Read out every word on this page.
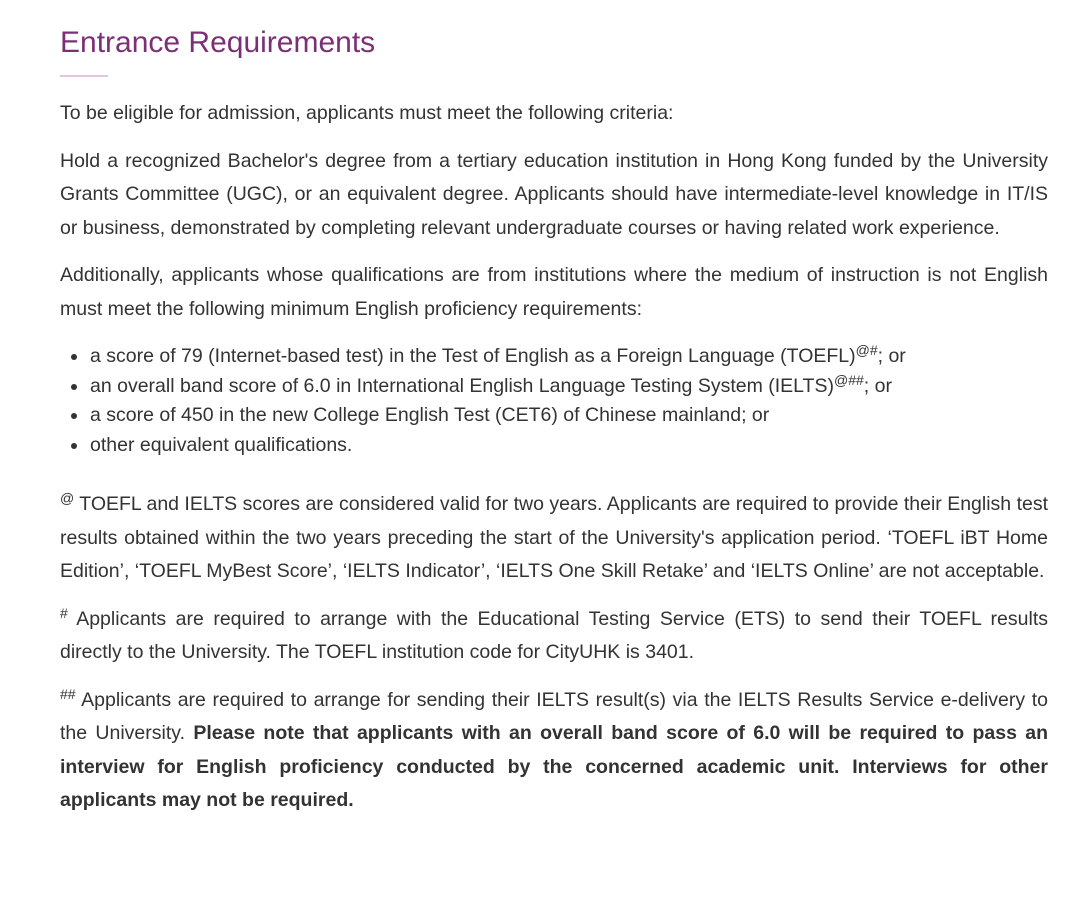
Entrance Requirements

To be eligible for admission, applicants must meet the following criteria:

Hold a recognized Bachelor's degree from a tertiary education institution in Hong Kong funded by the University Grants Committee (UGC), or an equivalent degree. Applicants should have intermediate-level knowledge in IT/IS or business, demonstrated by completing relevant undergraduate courses or having related work experience.

Additionally, applicants whose qualifications are from institutions where the medium of instruction is not English must meet the following minimum English proficiency requirements:

a score of 79 (Internet-based test) in the Test of English as a Foreign Language (TOEFL)@#; or
an overall band score of 6.0 in International English Language Testing System (IELTS)@##; or
a score of 450 in the new College English Test (CET6) of Chinese mainland; or
other equivalent qualifications.

@ TOEFL and IELTS scores are considered valid for two years. Applicants are required to provide their English test results obtained within the two years preceding the start of the University's application period. ‘TOEFL iBT Home Edition’, ‘TOEFL MyBest Score’, ‘IELTS Indicator’, ‘IELTS One Skill Retake’ and ‘IELTS Online’ are not acceptable.

# Applicants are required to arrange with the Educational Testing Service (ETS) to send their TOEFL results directly to the University. The TOEFL institution code for CityUHK is 3401.

## Applicants are required to arrange for sending their IELTS result(s) via the IELTS Results Service e-delivery to the University. Please note that applicants with an overall band score of 6.0 will be required to pass an interview for English proficiency conducted by the concerned academic unit. Interviews for other applicants may not be required.
